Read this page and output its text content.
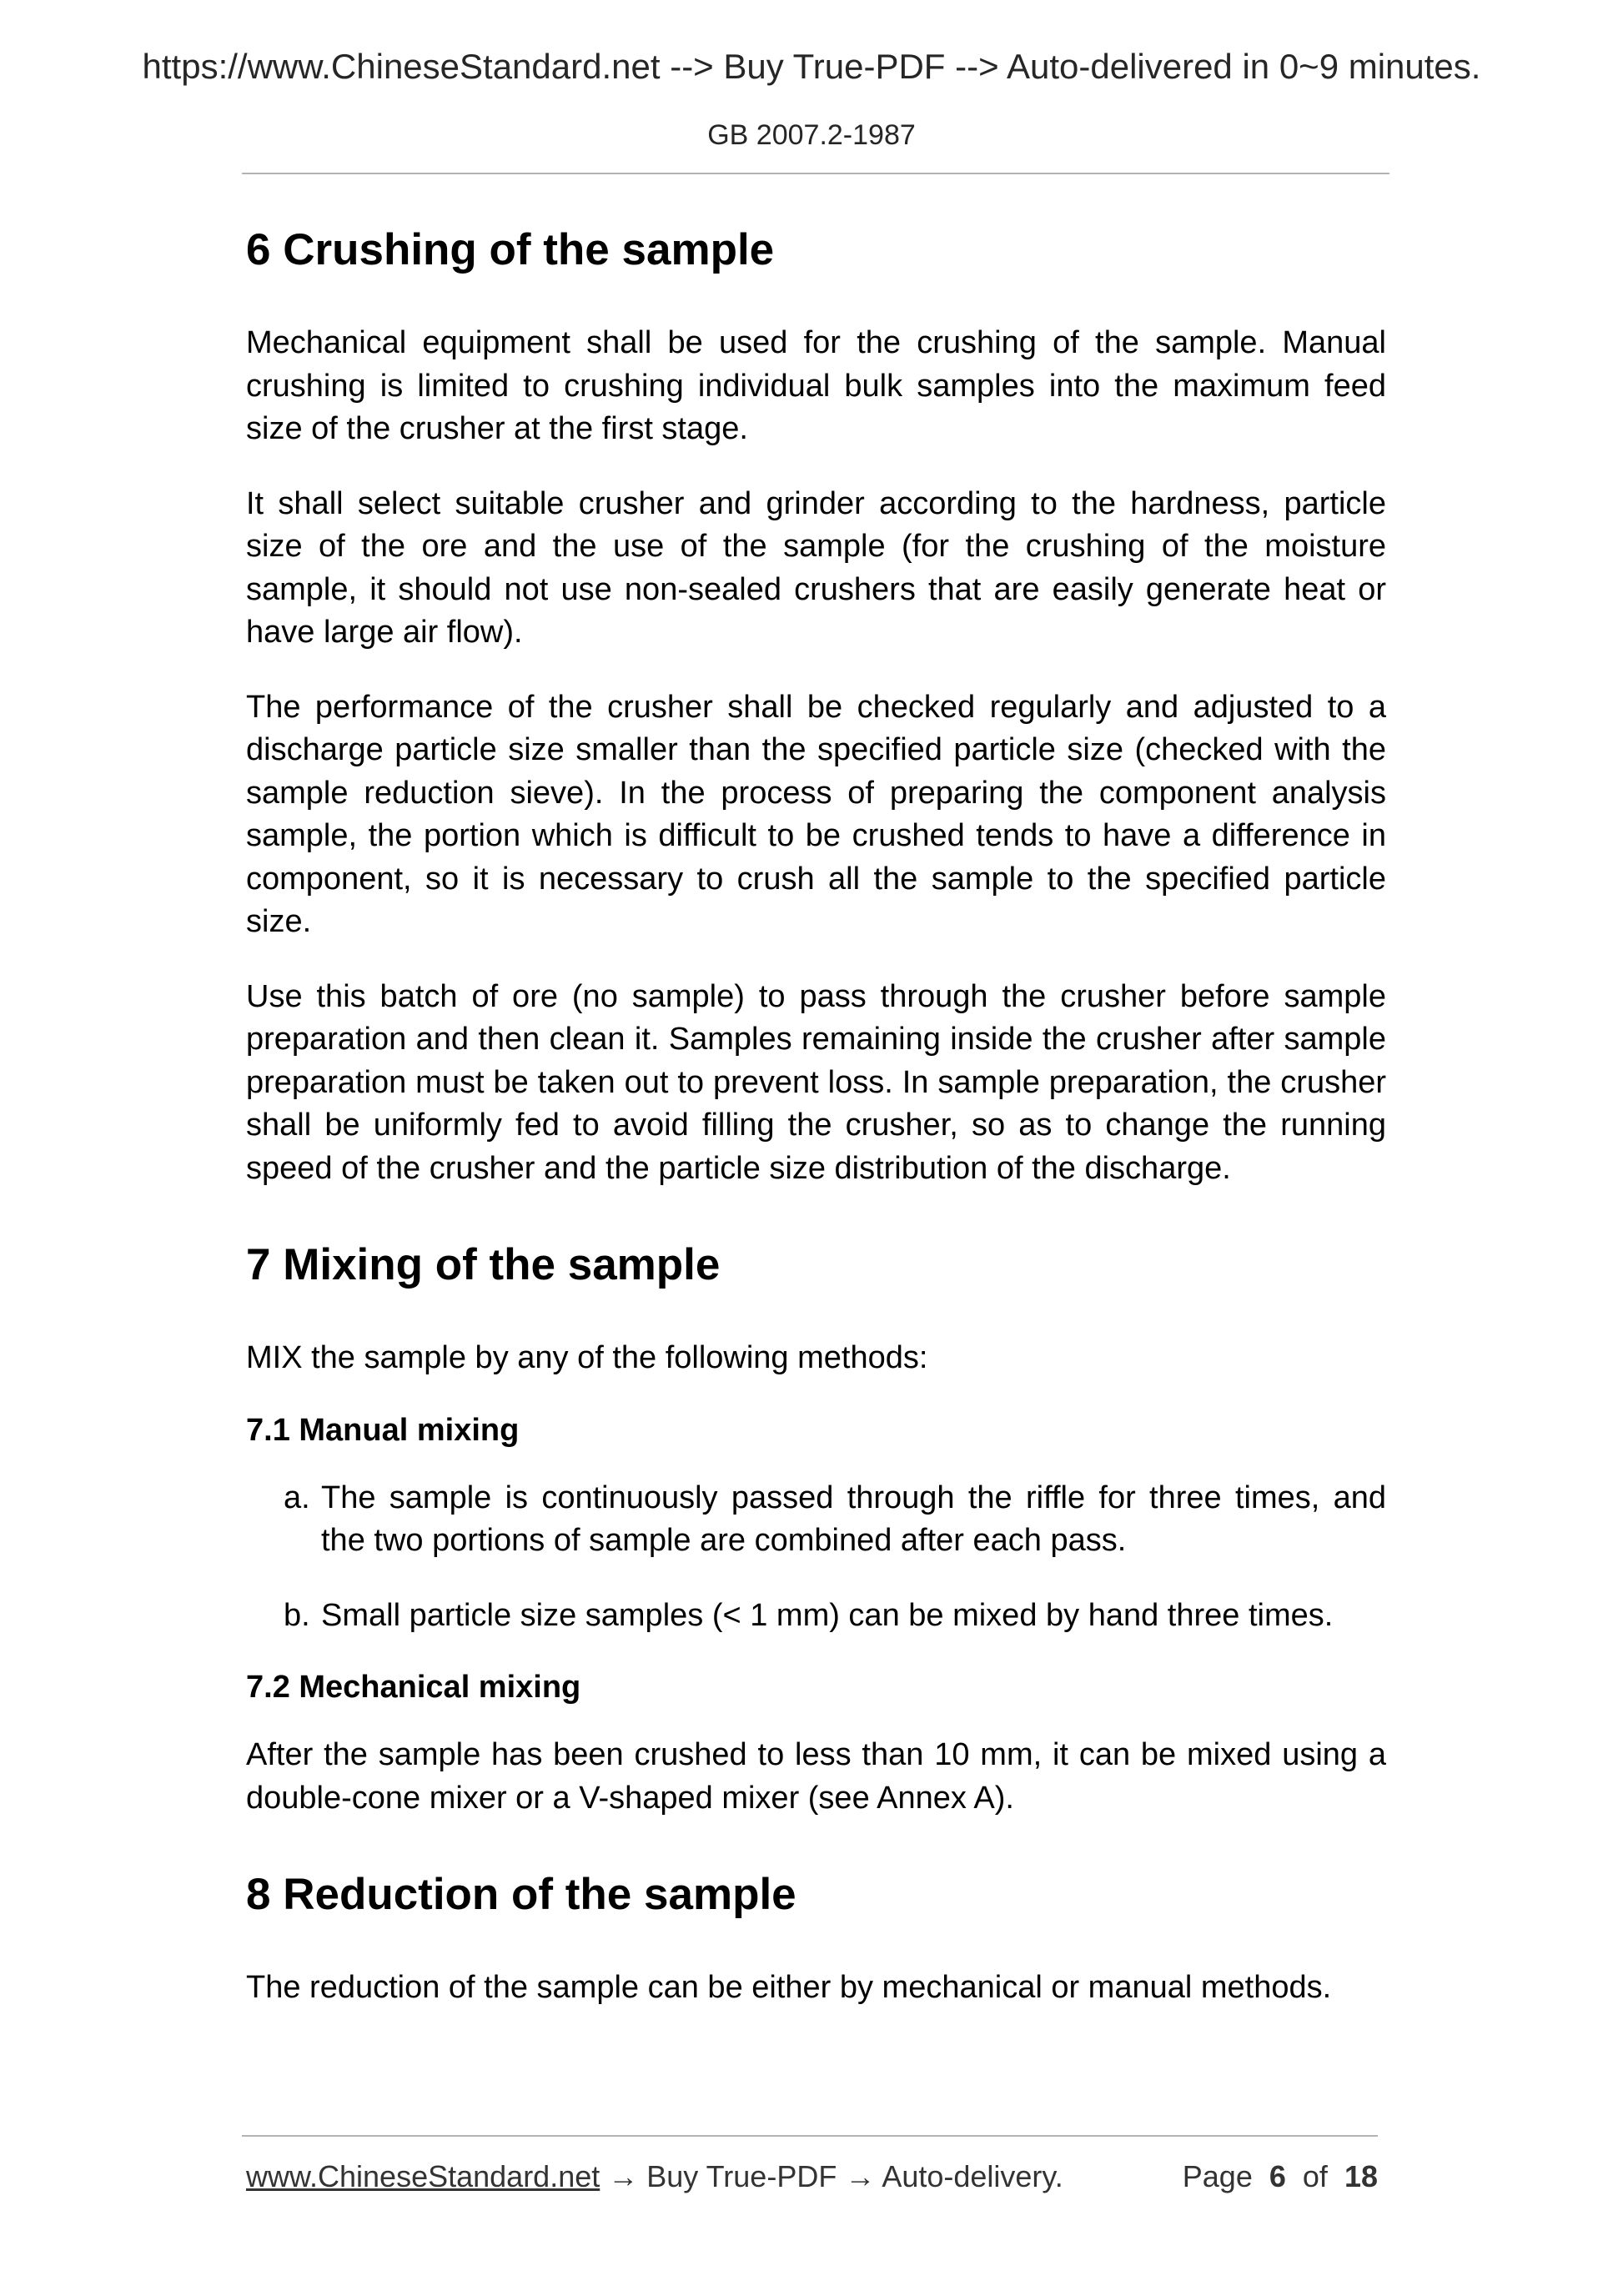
https://www.ChineseStandard.net --> Buy True-PDF --> Auto-delivered in 0~9 minutes.
GB 2007.2-1987
6 Crushing of the sample

Mechanical equipment shall be used for the crushing of the sample. Manual crushing is limited to crushing individual bulk samples into the maximum feed size of the crusher at the first stage.

It shall select suitable crusher and grinder according to the hardness, particle size of the ore and the use of the sample (for the crushing of the moisture sample, it should not use non-sealed crushers that are easily generate heat or have large air flow).

The performance of the crusher shall be checked regularly and adjusted to a discharge particle size smaller than the specified particle size (checked with the sample reduction sieve). In the process of preparing the component analysis sample, the portion which is difficult to be crushed tends to have a difference in component, so it is necessary to crush all the sample to the specified particle size.

Use this batch of ore (no sample) to pass through the crusher before sample preparation and then clean it. Samples remaining inside the crusher after sample preparation must be taken out to prevent loss. In sample preparation, the crusher shall be uniformly fed to avoid filling the crusher, so as to change the running speed of the crusher and the particle size distribution of the discharge.

7 Mixing of the sample

MIX the sample by any of the following methods:

7.1 Manual mixing
a. The sample is continuously passed through the riffle for three times, and the two portions of sample are combined after each pass.
b. Small particle size samples (< 1 mm) can be mixed by hand three times.
7.2 Mechanical mixing

After the sample has been crushed to less than 10 mm, it can be mixed using a double-cone mixer or a V-shaped mixer (see Annex A).

8 Reduction of the sample

The reduction of the sample can be either by mechanical or manual methods.

www.ChineseStandard.net → Buy True-PDF → Auto-delivery.	Page 6 of 18
